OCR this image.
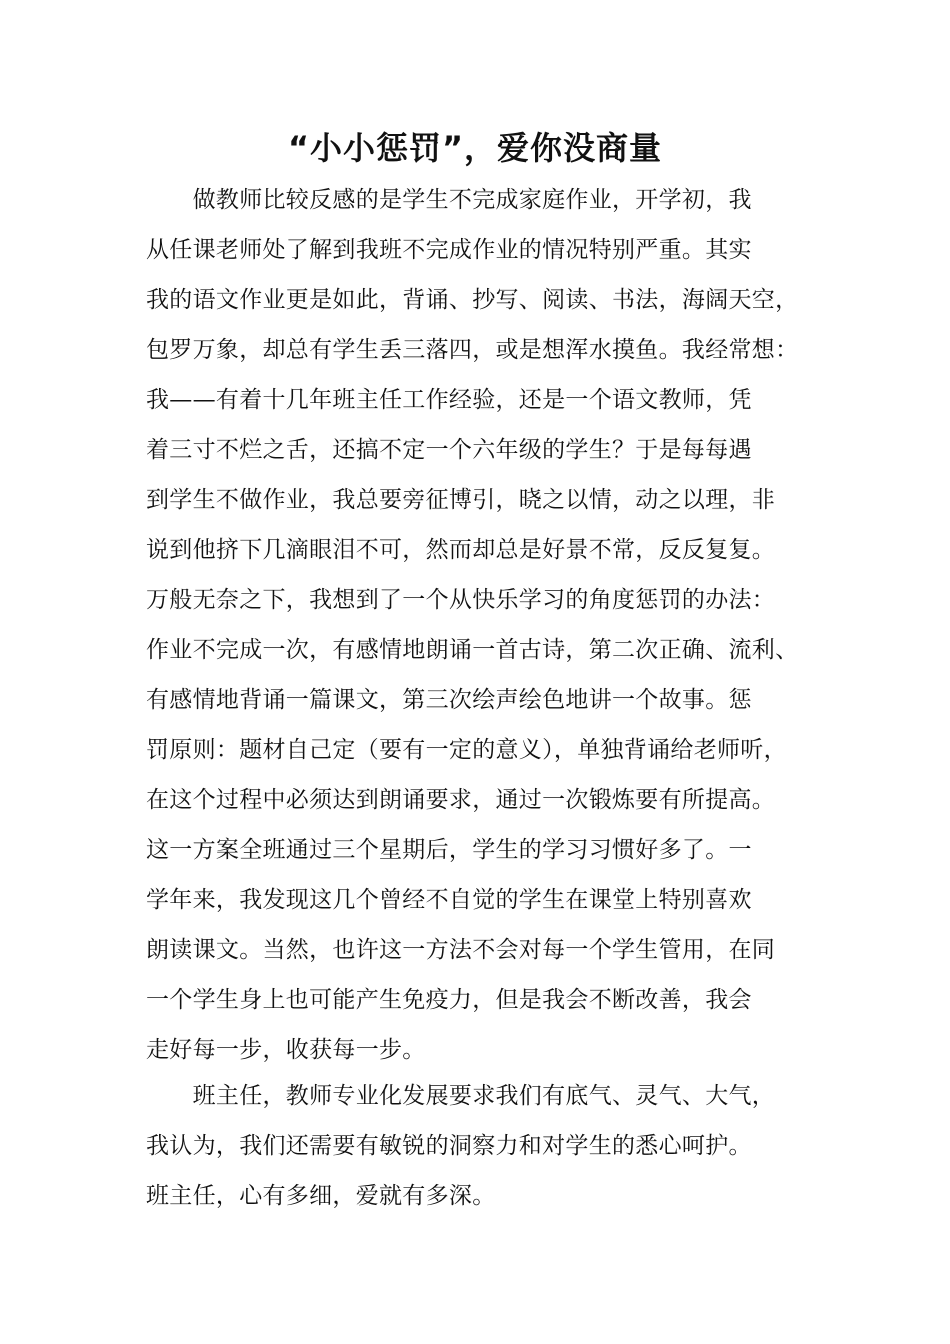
“小小惩罚”，爱你没商量
　　做教师比较反感的是学生不完成家庭作业，开学初，我
从任课老师处了解到我班不完成作业的情况特别严重。其实
我的语文作业更是如此，背诵、抄写、阅读、书法，海阔天空，
包罗万象，却总有学生丢三落四，或是想浑水摸鱼。我经常想：
我——有着十几年班主任工作经验，还是一个语文教师，凭
着三寸不烂之舌，还搞不定一个六年级的学生？于是每每遇
到学生不做作业，我总要旁征博引，晓之以情，动之以理，非
说到他挤下几滴眼泪不可，然而却总是好景不常，反反复复。
万般无奈之下，我想到了一个从快乐学习的角度惩罚的办法：
作业不完成一次，有感情地朗诵一首古诗，第二次正确、流利、
有感情地背诵一篇课文，第三次绘声绘色地讲一个故事。惩
罚原则：题材自己定（要有一定的意义），单独背诵给老师听，
在这个过程中必须达到朗诵要求，通过一次锻炼要有所提高。
这一方案全班通过三个星期后，学生的学习习惯好多了。一
学年来，我发现这几个曾经不自觉的学生在课堂上特别喜欢
朗读课文。当然，也许这一方法不会对每一个学生管用，在同
一个学生身上也可能产生免疫力，但是我会不断改善，我会
走好每一步，收获每一步。
　　班主任，教师专业化发展要求我们有底气、灵气、大气，
我认为，我们还需要有敏锐的洞察力和对学生的悉心呵护。
班主任，心有多细，爱就有多深。
